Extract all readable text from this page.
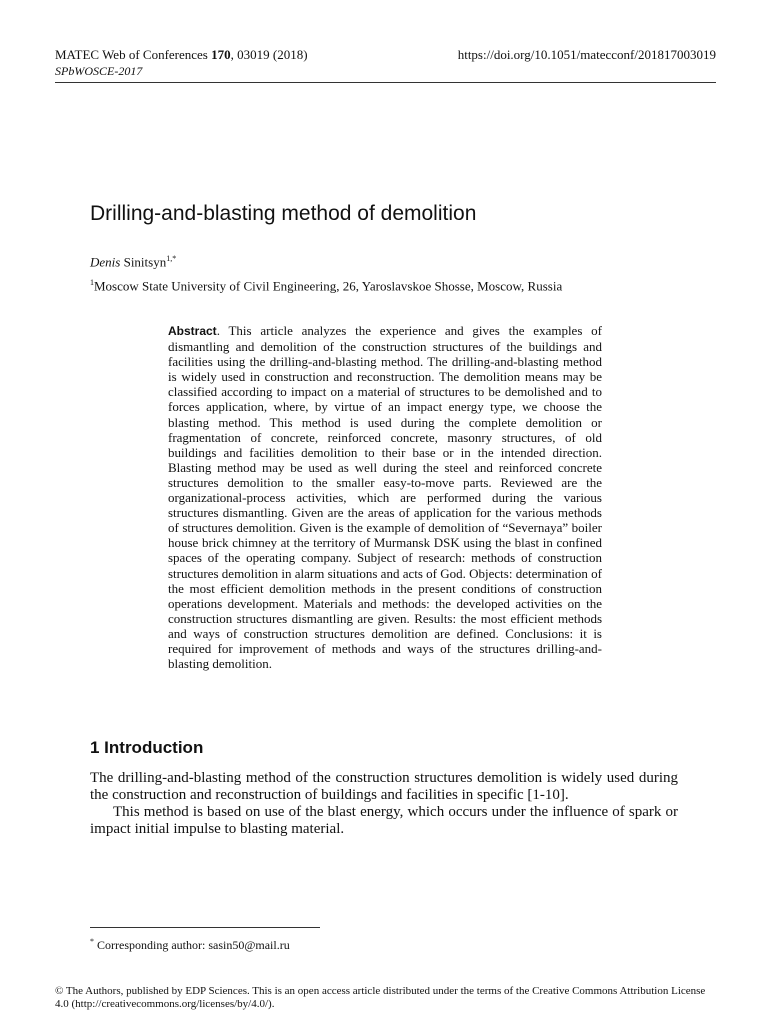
MATEC Web of Conferences 170, 03019 (2018)
SPbWOSCE-2017
https://doi.org/10.1051/matecconf/201817003019
Drilling-and-blasting method of demolition
Denis Sinitsyn$^{1,*}$
$^1$Moscow State University of Civil Engineering, 26, Yaroslavskoe Shosse, Moscow, Russia
Abstract. This article analyzes the experience and gives the examples of dismantling and demolition of the construction structures of the buildings and facilities using the drilling-and-blasting method. The drilling-and-blasting method is widely used in construction and reconstruction. The demolition means may be classified according to impact on a material of structures to be demolished and to forces application, where, by virtue of an impact energy type, we choose the blasting method. This method is used during the complete demolition or fragmentation of concrete, reinforced concrete, masonry structures, of old buildings and facilities demolition to their base or in the intended direction. Blasting method may be used as well during the steel and reinforced concrete structures demolition to the smaller easy-to-move parts. Reviewed are the organizational-process activities, which are performed during the various structures dismantling. Given are the areas of application for the various methods of structures demolition. Given is the example of demolition of “Severnaya” boiler house brick chimney at the territory of Murmansk DSK using the blast in confined spaces of the operating company. Subject of research: methods of construction structures demolition in alarm situations and acts of God. Objects: determination of the most efficient demolition methods in the present conditions of construction operations development. Materials and methods: the developed activities on the construction structures dismantling are given. Results: the most efficient methods and ways of construction structures demolition are defined. Conclusions: it is required for improvement of methods and ways of the structures drilling-and-blasting demolition.
1 Introduction

The drilling-and-blasting method of the construction structures demolition is widely used during the construction and reconstruction of buildings and facilities in specific [1-10].

This method is based on use of the blast energy, which occurs under the influence of spark or impact initial impulse to blasting material.

* Corresponding author: sasin50@mail.ru
© The Authors, published by EDP Sciences. This is an open access article distributed under the terms of the Creative Commons Attribution License 4.0 (http://creativecommons.org/licenses/by/4.0/).
